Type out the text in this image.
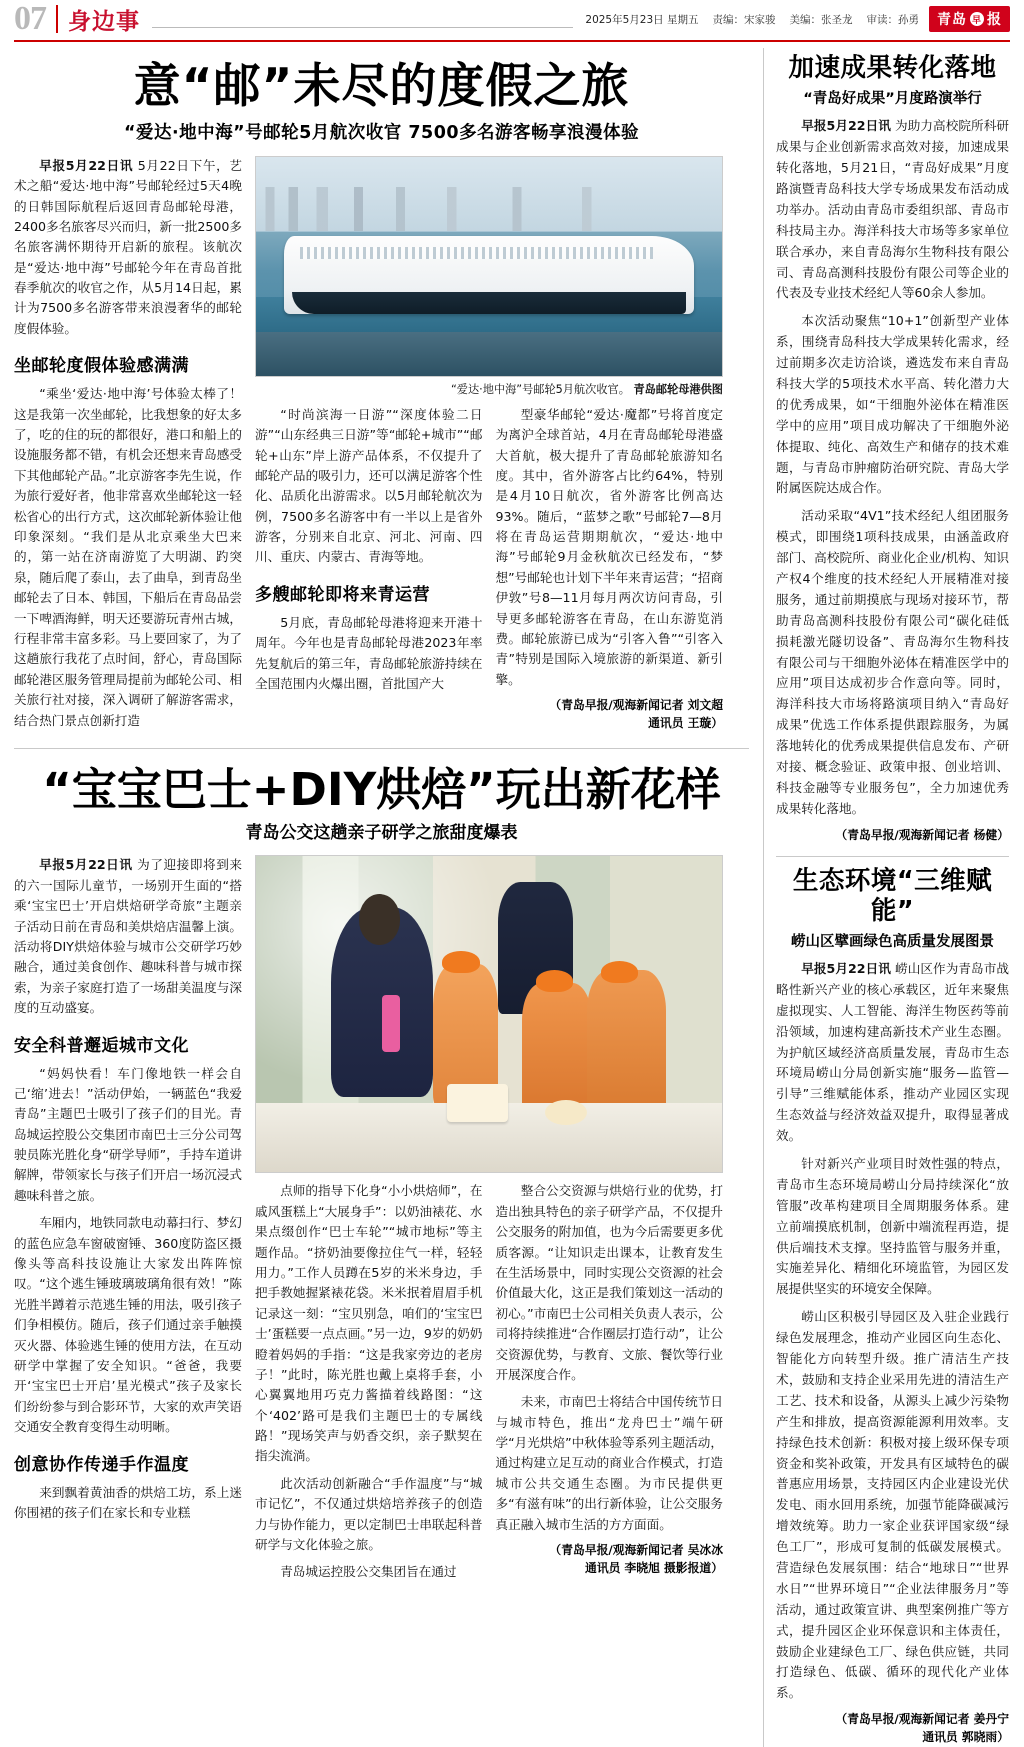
07 身边事	2025年5月23日 星期五 责编：宋家骏 美编：张圣龙 审读：孙勇 青岛 早 报
意“邮”未尽的度假之旅
“爱达·地中海”号邮轮5月航次收官 7500多名游客畅享浪漫体验

早报5月22日讯 5月22日下午，艺术之船“爱达·地中海”号邮轮经过5天4晚的日韩国际航程后返回青岛邮轮母港，2400多名旅客尽兴而归，新一批2500多名旅客满怀期待开启新的旅程。该航次是“爱达·地中海”号邮轮今年在青岛首批春季航次的收官之作，从5月14日起，累计为7500多名游客带来浪漫奢华的邮轮度假体验。

坐邮轮度假体验感满满

“乘坐‘爱达·地中海’号体验太棒了！这是我第一次坐邮轮，比我想象的好太多了，吃的住的玩的都很好，港口和船上的设施服务都不错，有机会还想来青岛感受下其他邮轮产品。”北京游客李先生说，作为旅行爱好者，他非常喜欢坐邮轮这一轻松省心的出行方式，这次邮轮新体验让他印象深刻。“我们是从北京乘坐大巴来的，第一站在济南游览了大明湖、趵突泉，随后爬了泰山，去了曲阜，到青岛坐邮轮去了日本、韩国，下船后在青岛品尝一下啤酒海鲜，明天还要游玩青州古城，行程非常丰富多彩。马上要回家了，为了这趟旅行我花了点时间，舒心，青岛国际邮轮港区服务管理局提前为邮轮公司、相关旅行社对接，深入调研了解游客需求，结合热门景点创新打造

“爱达·地中海”号邮轮5月航次收官。 青岛邮轮母港供图

“时尚滨海一日游”“深度体验二日游”“山东经典三日游”等“邮轮+城市”“邮轮+山东”岸上游产品体系，不仅提升了邮轮产品的吸引力，还可以满足游客个性化、品质化出游需求。以5月邮轮航次为例，7500多名游客中有一半以上是省外游客，分别来自北京、河北、河南、四川、重庆、内蒙古、青海等地。

多艘邮轮即将来青运营

5月底，青岛邮轮母港将迎来开港十周年。今年也是青岛邮轮母港2023年率先复航后的第三年，青岛邮轮旅游持续在全国范围内火爆出圈，首批国产大

型豪华邮轮“爱达·魔都”号将首度定为离沪全球首站，4月在青岛邮轮母港盛大首航，极大提升了青岛邮轮旅游知名度。其中，省外游客占比约64%，特别是4月10日航次，省外游客比例高达93%。随后，“蓝梦之歌”号邮轮7—8月将在青岛运营期期航次，“爱达·地中海”号邮轮9月金秋航次已经发布，“梦想”号邮轮也计划下半年来青运营；“招商伊敦”号8—11月每月两次访问青岛，引导更多邮轮游客在青岛，在山东游览消费。邮轮旅游已成为“引客入鲁”“引客入青”特别是国际入境旅游的新渠道、新引擎。

（青岛早报/观海新闻记者 刘文超
通讯员 王璇）
“宝宝巴士+DIY烘焙”玩出新花样
青岛公交这趟亲子研学之旅甜度爆表

早报5月22日讯 为了迎接即将到来的六一国际儿童节，一场别开生面的“搭乘‘宝宝巴士’开启烘焙研学奇旅”主题亲子活动日前在青岛和美烘焙店温馨上演。活动将DIY烘焙体验与城市公交研学巧妙融合，通过美食创作、趣味科普与城市探索，为亲子家庭打造了一场甜美温度与深度的互动盛宴。

安全科普邂逅城市文化

“妈妈快看！车门像地铁一样会自己‘缩’进去！”活动伊始，一辆蓝色“我爱青岛”主题巴士吸引了孩子们的目光。青岛城运控股公交集团市南巴士三分公司驾驶员陈光胜化身“研学导师”，手持车道讲解牌，带领家长与孩子们开启一场沉浸式趣味科普之旅。

车厢内，地铁同款电动幕扫行、梦幻的蓝色应急车窗破窗锤、360度防盗区摄像头等高科技设施让大家发出阵阵惊叹。“这个逃生锤玻璃玻璃角很有效！”陈光胜半蹲着示范逃生锤的用法，吸引孩子们争相模仿。随后，孩子们通过亲手触摸灭火器、体验逃生锤的使用方法，在互动研学中掌握了安全知识。“爸爸，我要开‘宝宝巴士开启’星光模式”孩子及家长们纷纷参与到合影环节，大家的欢声笑语交通安全教育变得生动明晰。

创意协作传递手作温度

来到飘着黄油香的烘焙工坊，系上迷你围裙的孩子们在家长和专业糕

点师的指导下化身“小小烘焙师”，在戚风蛋糕上“大展身手”：以奶油裱花、水果点缀创作“巴士车轮”“城市地标”等主题作品。“挤奶油要像拉住气一样，轻轻用力。”工作人员蹲在5岁的米米身边，手把手教她握紧裱花袋。米米抿着眉眉手机记录这一刻：“宝贝别急，咱们的‘宝宝巴士’蛋糕要一点点画。”另一边，9岁的奶奶瞪着妈妈的手指：“这是我家旁边的老房子！”此时，陈光胜也戴上桌将手套，小心翼翼地用巧克力酱描着线路图：“这个‘402’路可是我们主题巴士的专属线路！”现场笑声与奶香交织，亲子默契在指尖流淌。

此次活动创新融合“手作温度”与“城市记忆”，不仅通过烘焙培养孩子的创造力与协作能力，更以定制巴士串联起科普研学与文化体验之旅。

青岛城运控股公交集团旨在通过

整合公交资源与烘焙行业的优势，打造出独具特色的亲子研学产品，不仅提升公交服务的附加值，也为今后需要更多优质客源。“让知识走出课本，让教育发生在生活场景中，同时实现公交资源的社会价值最大化，这正是我们策划这一活动的初心。”市南巴士公司相关负责人表示，公司将持续推进“合作圈层打造行动”，让公交资源优势，与教育、文旅、餐饮等行业开展深度合作。

未来，市南巴士将结合中国传统节日与城市特色，推出“龙舟巴士”端午研学“月光烘焙”中秋体验等系列主题活动，通过构建立足互动的商业合作模式，打造城市公共交通生态圈。为市民提供更多“有滋有味”的出行新体验，让公交服务真正融入城市生活的方方面面。

（青岛早报/观海新闻记者 吴冰冰
通讯员 李晓旭 摄影报道）
加速成果转化落地
“青岛好成果”月度路演举行

早报5月22日讯 为助力高校院所科研成果与企业创新需求高效对接，加速成果转化落地，5月21日，“青岛好成果”月度路演暨青岛科技大学专场成果发布活动成功举办。活动由青岛市委组织部、青岛市科技局主办。海洋科技大市场等多家单位联合承办，来自青岛海尔生物科技有限公司、青岛高测科技股份有限公司等企业的代表及专业技术经纪人等60余人参加。

本次活动聚焦“10+1”创新型产业体系，围绕青岛科技大学成果转化需求，经过前期多次走访洽谈，遴选发布来自青岛科技大学的5项技术水平高、转化潜力大的优秀成果，如“干细胞外泌体在精准医学中的应用”项目成功解决了干细胞外泌体提取、纯化、高效生产和储存的技术难题，与青岛市肿瘤防治研究院、青岛大学附属医院达成合作。

活动采取“4V1”技术经纪人组团服务模式，即围绕1项科技成果，由涵盖政府部门、高校院所、商业化企业/机构、知识产权4个维度的技术经纪人开展精准对接服务，通过前期摸底与现场对接环节，帮助青岛高测科技股份有限公司“碳化硅低损耗激光隧切设备”、青岛海尔生物科技有限公司与干细胞外泌体在精准医学中的应用”项目达成初步合作意向等。同时，海洋科技大市场将路演项目纳入“青岛好成果”优选工作体系提供跟踪服务，为属落地转化的优秀成果提供信息发布、产研对接、概念验证、政策申报、创业培训、科技金融等专业服务包”，全力加速优秀成果转化落地。

（青岛早报/观海新闻记者 杨健）
生态环境“三维赋能”
崂山区擘画绿色高质量发展图景

早报5月22日讯 崂山区作为青岛市战略性新兴产业的核心承载区，近年来聚焦虚拟现实、人工智能、海洋生物医药等前沿领域，加速构建高新技术产业生态圈。为护航区域经济高质量发展，青岛市生态环境局崂山分局创新实施“服务—监管—引导”三维赋能体系，推动产业园区实现生态效益与经济效益双提升，取得显著成效。

针对新兴产业项目时效性强的特点，青岛市生态环境局崂山分局持续深化“放管服”改革构建项目全周期服务体系。建立前端摸底机制，创新中端流程再造，提供后端技术支撑。坚持监管与服务并重，实施差异化、精细化环境监管，为园区发展提供坚实的环境安全保障。

崂山区积极引导园区及入驻企业践行绿色发展理念，推动产业园区向生态化、智能化方向转型升级。推广清洁生产技术，鼓励和支持企业采用先进的清洁生产工艺、技术和设备，从源头上减少污染物产生和排放，提高资源能源利用效率。支持绿色技术创新：积极对接上级环保专项资金和奖补政策，开发具有区域特色的碳普惠应用场景，支持园区内企业建设光伏发电、雨水回用系统，加强节能降碳减污增效统筹。助力一家企业获评国家级“绿色工厂”，形成可复制的低碳发展模式。营造绿色发展氛围：结合“地球日”“世界水日”“世界环境日”“企业法律服务月”等活动，通过政策宣讲、典型案例推广等方式，提升园区企业环保意识和主体责任，鼓励企业建绿色工厂、绿色供应链，共同打造绿色、低碳、循环的现代化产业体系。

（青岛早报/观海新闻记者 姜丹宁
通讯员 郭晓雨）
